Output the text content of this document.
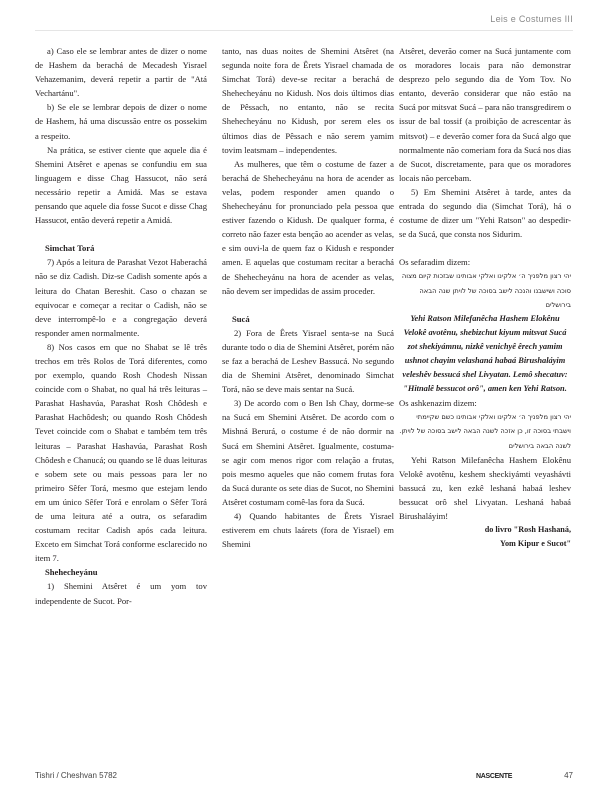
Leis e Costumes III

a) Caso ele se lembrar antes de dizer o nome de Hashem da berachá de Mecadesh Yisrael Vehazemanim, deverá repetir a partir de "Atá Vechartánu".

b) Se ele se lembrar depois de dizer o nome de Hashem, há uma discussão entre os possekim a respeito.

Na prática, se estiver ciente que aquele dia é Shemini Atsêret e apenas se confundiu em sua linguagem e disse Chag Hassucot, não será necessário repetir a Amidá. Mas se estava pensando que aquele dia fosse Sucot e disse Chag Hassucot, então deverá repetir a Amidá.

Simchat Torá

7) Após a leitura de Parashat Vezot Haberachá não se diz Cadish. Diz-se Cadish somente após a leitura do Chatan Bereshit. Caso o chazan se equivocar e começar a recitar o Cadish, não se deve interrompê-lo e a congregação deverá responder amen normalmente.

8) Nos casos em que no Shabat se lê três trechos em três Rolos de Torá diferentes, como por exemplo, quando Rosh Chodesh Nissan coincide com o Shabat, no qual há três leituras – Parashat Hashavúa, Parashat Rosh Chôdesh e Parashat Hachôdesh; ou quando Rosh Chôdesh Tevet coincide com o Shabat e também tem três leituras – Parashat Hashavúa, Parashat Rosh Chôdesh e Chanucá; ou quando se lê duas leituras e sobem sete ou mais pessoas para ler no primeiro Sêfer Torá, mesmo que estejam lendo em um único Sêfer Torá e enrolam o Sêfer Torá de uma leitura até a outra, os sefaradim costumam recitar Cadish após cada leitura. Exceto em Simchat Torá conforme esclarecido no item 7.

Shehecheyánu

1) Shemini Atsêret é um yom tov independente de Sucot. Por-

tanto, nas duas noites de Shemini Atsêret (na segunda noite fora de Êrets Yisrael chamada de Simchat Torá) deve-se recitar a berachá de Shehecheyánu no Kidush. Nos dois últimos dias de Pêssach, no entanto, não se recita Shehecheyánu no Kidush, por serem eles os últimos dias de Pêssach e não serem yamim tovim leatsmam – independentes.

As mulheres, que têm o costume de fazer a berachá de Shehecheyánu na hora de acender as velas, podem responder amen quando o Shehecheyánu for pronunciado pela pessoa que estiver fazendo o Kidush. De qualquer forma, é correto não fazer esta benção ao acender as velas, e sim ouvi-la de quem faz o Kidush e responder amen. E aquelas que costumam recitar a berachá de Shehecheyánu na hora de acender as velas, não devem ser impedidas de assim proceder.

Sucá

2) Fora de Êrets Yisrael senta-se na Sucá durante todo o dia de Shemini Atsêret, porém não se faz a berachá de Leshev Bassucá. No segundo dia de Shemini Atsêret, denominado Simchat Torá, não se deve mais sentar na Sucá.

3) De acordo com o Ben Ish Chay, dorme-se na Sucá em Shemini Atsêret. De acordo com o Mishná Berurá, o costume é de não dormir na Sucá em Shemini Atsêret. Igualmente, costuma-se agir com menos rigor com relação a frutas, pois mesmo aqueles que não comem frutas fora da Sucá durante os sete dias de Sucot, no Shemini Atsêret costumam comê-las fora da Sucá.

4) Quando habitantes de Êrets Yisrael estiverem em chuts laárets (fora de Yisrael) em Shemini

Atsêret, deverão comer na Sucá juntamente com os moradores locais para não demonstrar desprezo pelo segundo dia de Yom Tov. No entanto, deverão considerar que não estão na Sucá por mitsvat Sucá – para não transgredirem o issur de bal tossif (a proibição de acrescentar às mitsvot) – e deverão comer fora da Sucá algo que normalmente não comeriam fora da Sucá nos dias de Sucot, discretamente, para que os moradores locais não percebam.

5) Em Shemini Atsêret à tarde, antes da entrada do segundo dia (Simchat Torá), há o costume de dizer um "Yehi Ratson" ao despedir-se da Sucá, que consta nos Sidurim.

Os sefaradim dizem:

יהי רצון מלפניך ה׳ אלקינו ואלקי אבותינו שבזכות קיום מצוה סוכה ושישבנו והנכה לישב בסוכה של לויתן שנה הבאה בירושלים

Yehi Ratson Milefanêcha Hashem Elokênu Velokê avotênu, shebizchut kiyum mitsvat Sucá zot shekiyámnu, nizkê venichyê êrech yamim ushnot chayim velashaná habaá Birushaláyim veleshêv bessucá shel Livyatan. Lemô shecatuv: "Hitnalê bessucot orô", amen ken Yehi Ratson.

Os ashkenazim dizem:

יהי רצון מלפניך ה׳ אלקינו ואלקי אבותינו כשם שקיימתי וישבתי בסוכה זו, כן אזכה לשנה הבאה לישב בסוכה של לויתן. לשנה הבאה בירושלים

Yehi Ratson Milefanêcha Hashem Elokênu Velokê avotênu, keshem sheckiyámti veyashávti bassucá zu, ken ezkê leshaná habaá leshev bessucat orô shel Livyatan. Leshaná habaá Birushaláyim!

do livro "Rosh Hashaná,

Yom Kipur e Sucot"

Tishri / Cheshvan 5782	NASCENTE	47
